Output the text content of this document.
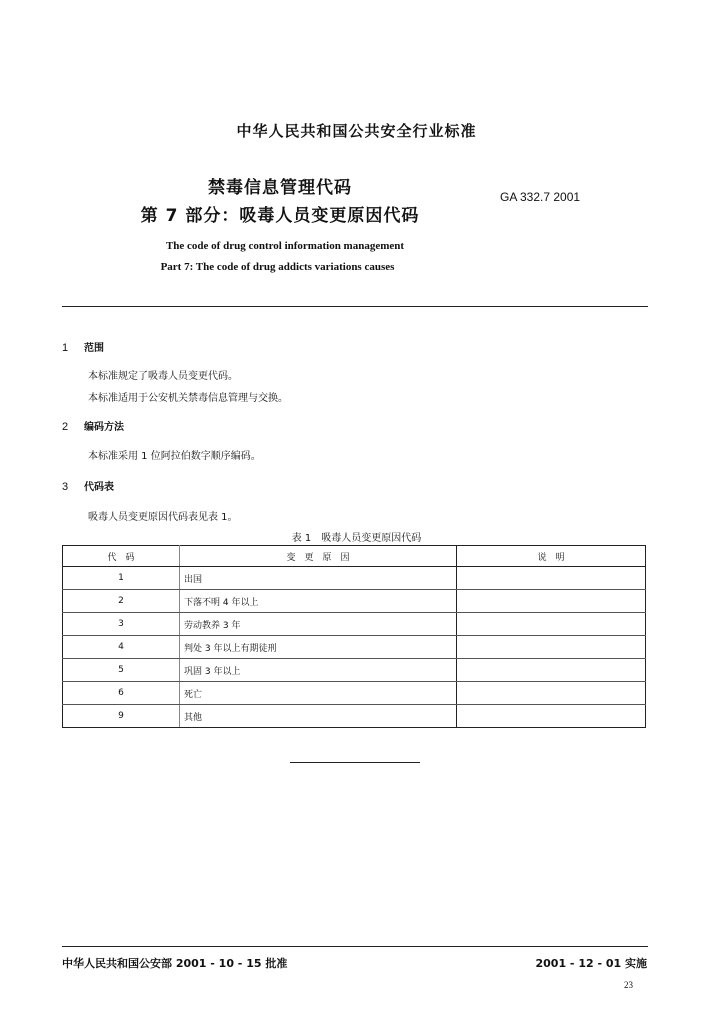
中华人民共和国公共安全行业标准
禁毒信息管理代码
第 7 部分：吸毒人员变更原因代码
GA 332.7 2001
The code of drug control information management
Part 7: The code of drug addicts variations causes
1 范围
本标准规定了吸毒人员变更代码。
本标准适用于公安机关禁毒信息管理与交换。
2 编码方法
本标准采用 1 位阿拉伯数字顺序编码。
3 代码表
吸毒人员变更原因代码表见表 1。
表 1　吸毒人员变更原因代码
代　码	变　更　原　因	说　明
1	出国	
2	下落不明 4 年以上	
3	劳动教养 3 年	
4	判处 3 年以上有期徒刑	
5	巩固 3 年以上	
6	死亡	
9	其他	
中华人民共和国公安部 2001 - 10 - 15 批准	2001 - 12 - 01 实施
23
